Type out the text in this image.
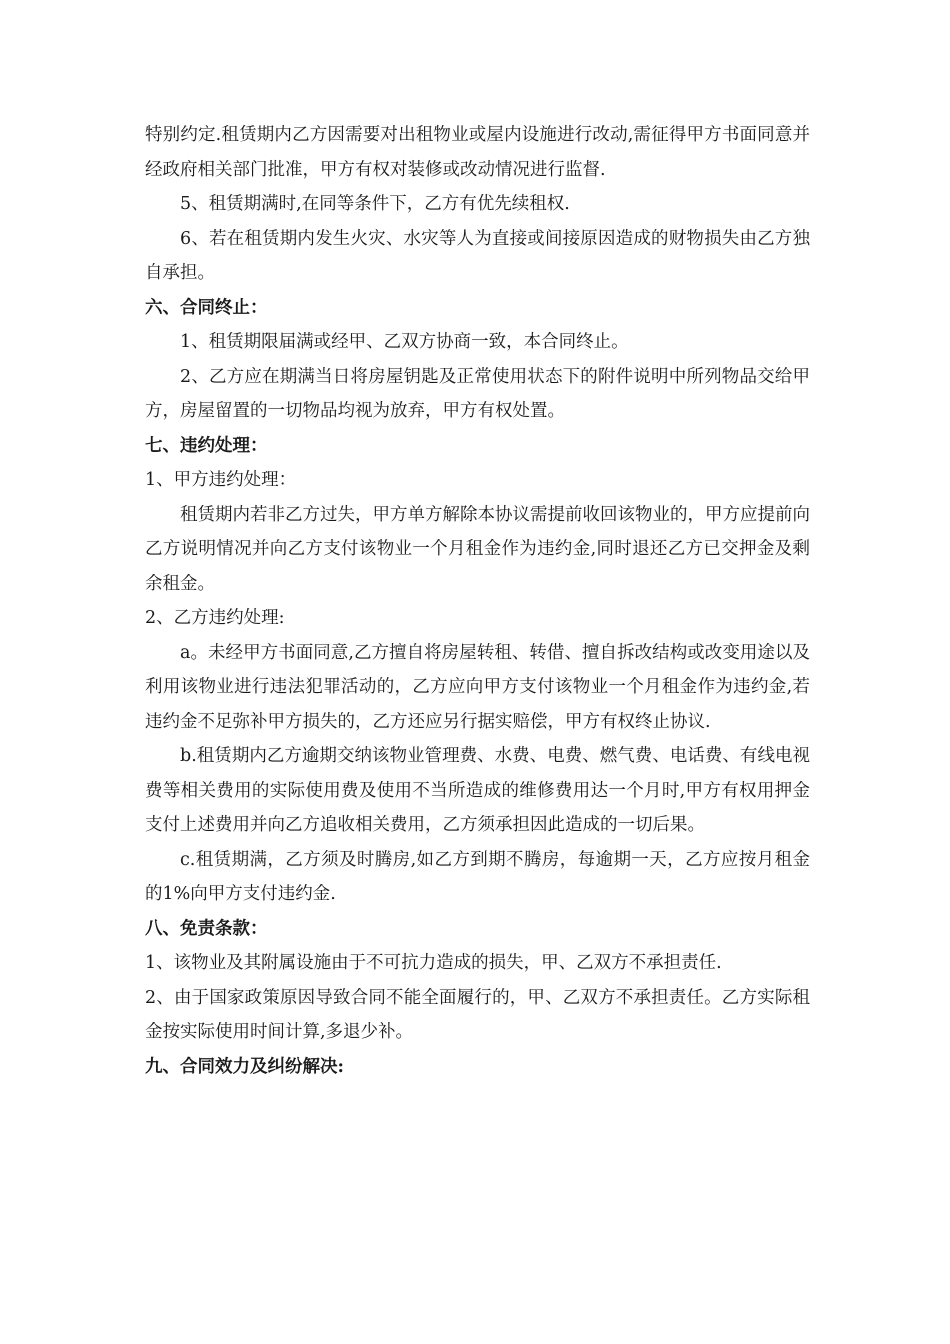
特别约定.租赁期内乙方因需要对出租物业或屋内设施进行改动,需征得甲方书面同意并经政府相关部门批准，甲方有权对装修或改动情况进行监督.

5、租赁期满时,在同等条件下，乙方有优先续租权.

6、若在租赁期内发生火灾、水灾等人为直接或间接原因造成的财物损失由乙方独自承担。

六、合同终止：

1、租赁期限届满或经甲、乙双方协商一致，本合同终止。

2、乙方应在期满当日将房屋钥匙及正常使用状态下的附件说明中所列物品交给甲方，房屋留置的一切物品均视为放弃，甲方有权处置。

七、违约处理：

1、甲方违约处理：

租赁期内若非乙方过失，甲方单方解除本协议需提前收回该物业的，甲方应提前向乙方说明情况并向乙方支付该物业一个月租金作为违约金,同时退还乙方已交押金及剩余租金。

2、乙方违约处理:

a。未经甲方书面同意,乙方擅自将房屋转租、转借、擅自拆改结构或改变用途以及利用该物业进行违法犯罪活动的，乙方应向甲方支付该物业一个月租金作为违约金,若违约金不足弥补甲方损失的，乙方还应另行据实赔偿，甲方有权终止协议.

b.租赁期内乙方逾期交纳该物业管理费、水费、电费、燃气费、电话费、有线电视费等相关费用的实际使用费及使用不当所造成的维修费用达一个月时,甲方有权用押金支付上述费用并向乙方追收相关费用，乙方须承担因此造成的一切后果。

c.租赁期满，乙方须及时腾房,如乙方到期不腾房，每逾期一天，乙方应按月租金的1%向甲方支付违约金.

八、免责条款：

1、该物业及其附属设施由于不可抗力造成的损失，甲、乙双方不承担责任.

2、由于国家政策原因导致合同不能全面履行的，甲、乙双方不承担责任。乙方实际租金按实际使用时间计算,多退少补。

九、合同效力及纠纷解决:
